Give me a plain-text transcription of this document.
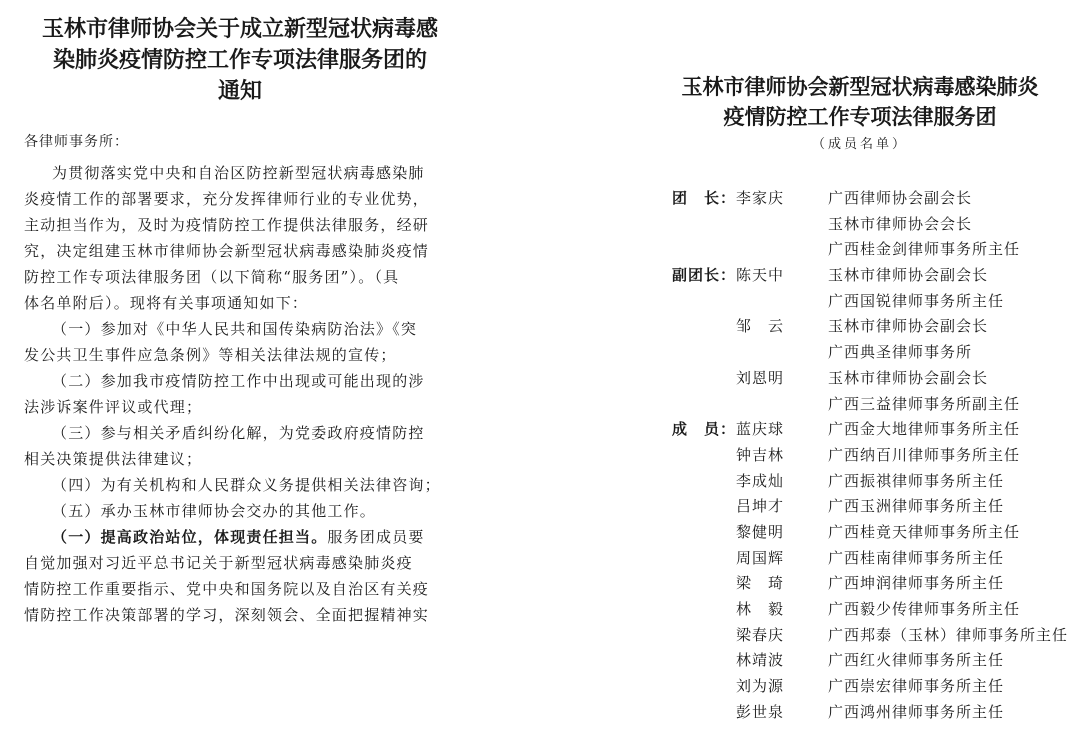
玉林市律师协会关于成立新型冠状病毒感
染肺炎疫情防控工作专项法律服务团的
通知
各律师事务所：
为贯彻落实党中央和自治区防控新型冠状病毒感染肺
炎疫情工作的部署要求，充分发挥律师行业的专业优势，
主动担当作为，及时为疫情防控工作提供法律服务，经研
究，决定组建玉林市律师协会新型冠状病毒感染肺炎疫情
防控工作专项法律服务团（以下简称“服务团”）。（具
体名单附后）。现将有关事项通知如下：
（一）参加对《中华人民共和国传染病防治法》《突
发公共卫生事件应急条例》等相关法律法规的宣传；
（二）参加我市疫情防控工作中出现或可能出现的涉
法涉诉案件评议或代理；
（三）参与相关矛盾纠纷化解，为党委政府疫情防控
相关决策提供法律建议；
（四）为有关机构和人民群众义务提供相关法律咨询；
（五）承办玉林市律师协会交办的其他工作。
（一）提高政治站位，体现责任担当。服务团成员要
自觉加强对习近平总书记关于新型冠状病毒感染肺炎疫
情防控工作重要指示、党中央和国务院以及自治区有关疫
情防控工作决策部署的学习，深刻领会、全面把握精神实
玉林市律师协会新型冠状病毒感染肺炎
疫情防控工作专项法律服务团
（成员名单）
团　长： 李家庆	广西律师协会副会长
玉林市律师协会会长
广西桂金剑律师事务所主任
副团长： 陈天中	玉林市律师协会副会长
广西国锐律师事务所主任
邹　云	玉林市律师协会副会长
广西典圣律师事务所
刘恩明	玉林市律师协会副会长
广西三益律师事务所副主任
成　员： 蓝庆球	广西金大地律师事务所主任
钟吉林	广西纳百川律师事务所主任
李成灿	广西振祺律师事务所主任
吕坤才	广西玉洲律师事务所主任
黎健明	广西桂竟天律师事务所主任
周国辉	广西桂南律师事务所主任
梁　琦	广西坤润律师事务所主任
林　毅	广西毅少传律师事务所主任
梁春庆	广西邦泰（玉林）律师事务所主任
林靖波	广西红火律师事务所主任
刘为源	广西崇宏律师事务所主任
彭世泉	广西鸿州律师事务所主任
